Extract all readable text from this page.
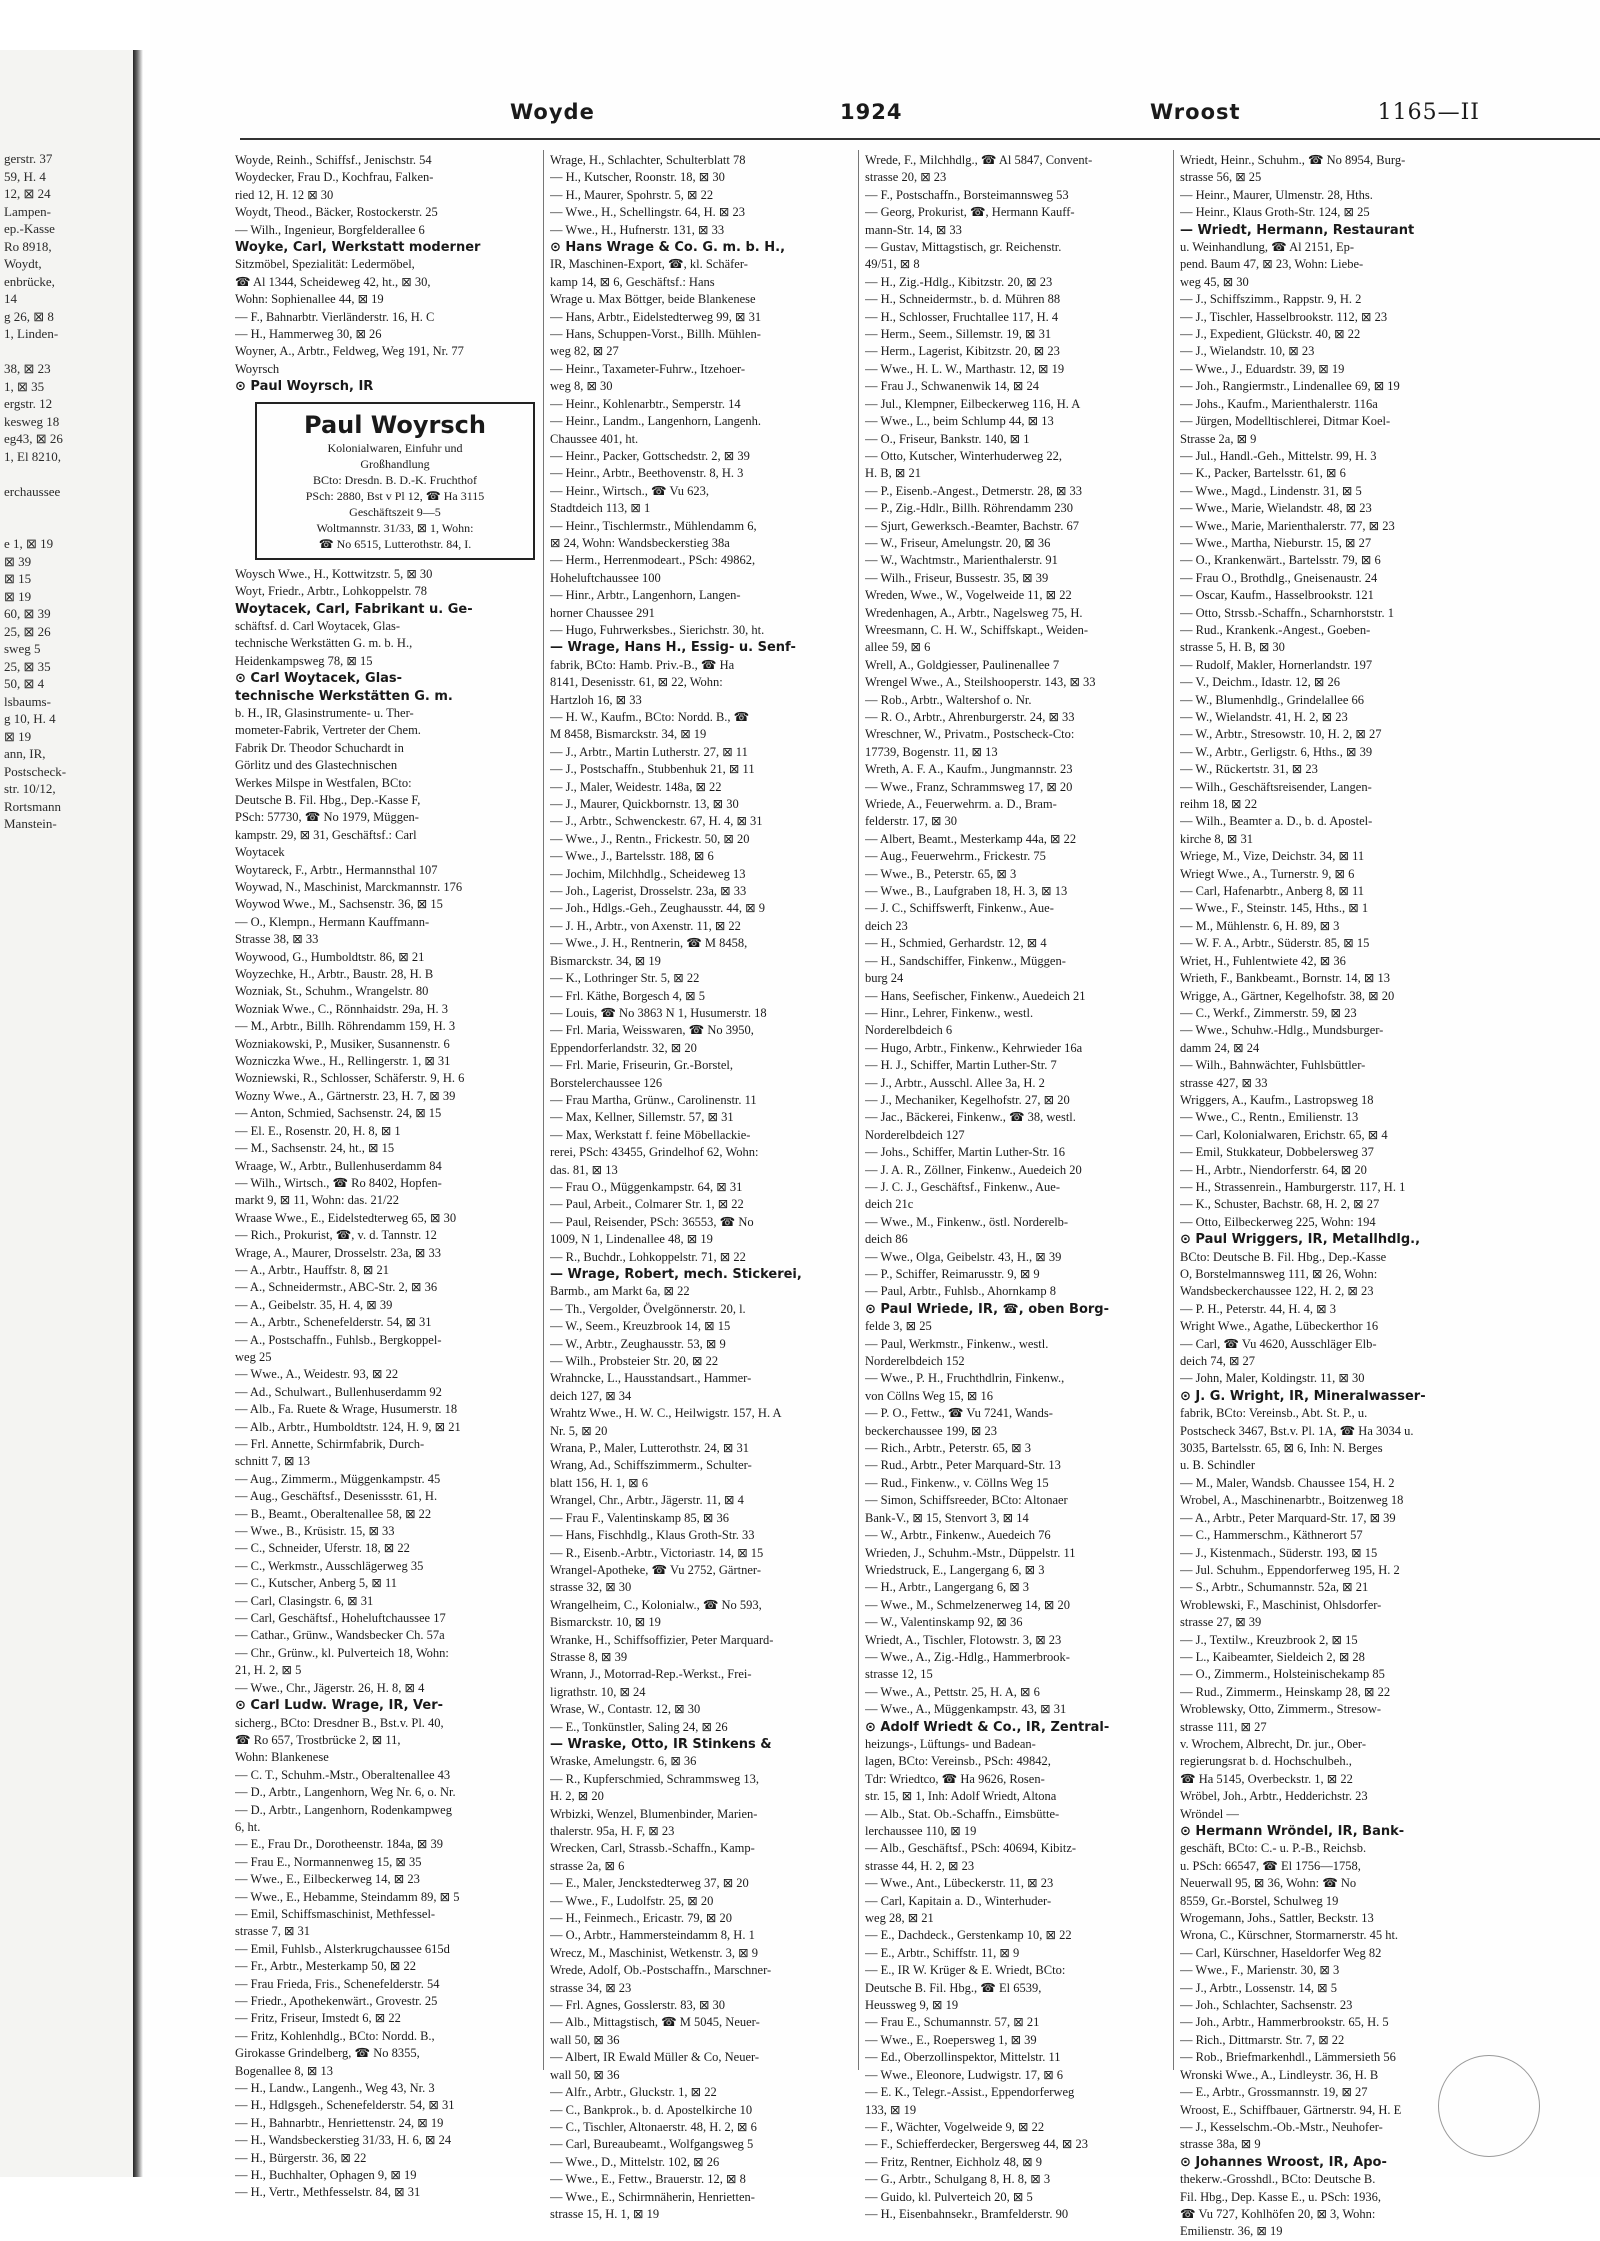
gerstr. 37
59, H. 4
12, ⊠ 24
Lampen-
ep.-Kasse
Ro 8918,
Woydt,
enbrücke,
14
g 26, ⊠ 8
1, Linden-
38, ⊠ 23
1, ⊠ 35
ergstr. 12
kesweg 18
eg43, ⊠ 26
1, El 8210,
erchaussee
e 1, ⊠ 19
⊠ 39
⊠ 15
⊠ 19
60, ⊠ 39
25, ⊠ 26
sweg 5
25, ⊠ 35
50, ⊠ 4
lsbaums-
g 10, H. 4
⊠ 19
ann, IR,
Postscheck-
str. 10/12,
Rortsmann
Manstein-
Woyde	1924	Wroost	1165—II
Woyde, Reinh., Schiffsf., Jenischstr. 54
Woydecker, Frau D., Kochfrau, Falken-
ried 12, H. 12 ⊠ 30
Woydt, Theod., Bäcker, Rostockerstr. 25
— Wilh., Ingenieur, Borgfelderallee 6
Woyke, Carl, Werkstatt moderner
Sitzmöbel, Spezialität: Ledermöbel,
☎ Al 1344, Scheideweg 42, ht., ⊠ 30,
Wohn: Sophienallee 44, ⊠ 19
— F., Bahnarbtr. Vierländerstr. 16, H. C
— H., Hammerweg 30, ⊠ 26
Woyner, A., Arbtr., Feldweg, Weg 191, Nr. 77
Woyrsch
⊙ Paul Woyrsch, IR
Paul Woyrsch
Kolonialwaren, Einfuhr und
Großhandlung
BCto: Dresdn. B. D.-K. Fruchthof
PSch: 2880, Bst v Pl 12, ☎ Ha 3115
Geschäftszeit 9—5
Woltmannstr. 31/33, ⊠ 1, Wohn:
☎ No 6515, Lutterothstr. 84, I.
Woysch Wwe., H., Kottwitzstr. 5, ⊠ 30
Woyt, Friedr., Arbtr., Lohkoppelstr. 78
Woytacek, Carl, Fabrikant u. Ge-
schäftsf. d. Carl Woytacek, Glas-
technische Werkstätten G. m. b. H.,
Heidenkampsweg 78, ⊠ 15
⊙ Carl Woytacek, Glas-
technische Werkstätten G. m.
b. H., IR, Glasinstrumente- u. Ther-
mometer-Fabrik, Vertreter der Chem.
Fabrik Dr. Theodor Schuchardt in
Görlitz und des Glastechnischen
Werkes Milspe in Westfalen, BCto:
Deutsche B. Fil. Hbg., Dep.-Kasse F,
PSch: 57730, ☎ No 1979, Müggen-
kampstr. 29, ⊠ 31, Geschäftsf.: Carl
Woytacek
Woytareck, F., Arbtr., Hermannsthal 107
Woywad, N., Maschinist, Marckmannstr. 176
Woywod Wwe., M., Sachsenstr. 36, ⊠ 15
— O., Klempn., Hermann Kauffmann-
Strasse 38, ⊠ 33
Woywood, G., Humboldtstr. 86, ⊠ 21
Woyzechke, H., Arbtr., Baustr. 28, H. B
Wozniak, St., Schuhm., Wrangelstr. 80
Wozniak Wwe., C., Rönnhaidstr. 29a, H. 3
— M., Arbtr., Billh. Röhrendamm 159, H. 3
Wozniakowski, P., Musiker, Susannenstr. 6
Wozniczka Wwe., H., Rellingerstr. 1, ⊠ 31
Wozniewski, R., Schlosser, Schäferstr. 9, H. 6
Wozny Wwe., A., Gärtnerstr. 23, H. 7, ⊠ 39
— Anton, Schmied, Sachsenstr. 24, ⊠ 15
— El. E., Rosenstr. 20, H. 8, ⊠ 1
— M., Sachsenstr. 24, ht., ⊠ 15
Wraage, W., Arbtr., Bullenhuserdamm 84
— Wilh., Wirtsch., ☎ Ro 8402, Hopfen-
markt 9, ⊠ 11, Wohn: das. 21/22
Wraase Wwe., E., Eidelstedterweg 65, ⊠ 30
— Rich., Prokurist, ☎, v. d. Tannstr. 12
Wrage, A., Maurer, Drosselstr. 23a, ⊠ 33
— A., Arbtr., Hauffstr. 8, ⊠ 21
— A., Schneidermstr., ABC-Str. 2, ⊠ 36
— A., Geibelstr. 35, H. 4, ⊠ 39
— A., Arbtr., Schenefelderstr. 54, ⊠ 31
— A., Postschaffn., Fuhlsb., Bergkoppel-
weg 25
— Wwe., A., Weidestr. 93, ⊠ 22
— Ad., Schulwart., Bullenhuserdamm 92
— Alb., Fa. Ruete & Wrage, Husumerstr. 18
— Alb., Arbtr., Humboldtstr. 124, H. 9, ⊠ 21
— Frl. Annette, Schirmfabrik, Durch-
schnitt 7, ⊠ 13
— Aug., Zimmerm., Müggenkampstr. 45
— Aug., Geschäftsf., Desenissstr. 61, H.
— B., Beamt., Oberaltenallee 58, ⊠ 22
— Wwe., B., Krüsistr. 15, ⊠ 33
— C., Schneider, Uferstr. 18, ⊠ 22
— C., Werkmstr., Ausschlägerweg 35
— C., Kutscher, Anberg 5, ⊠ 11
— Carl, Clasingstr. 6, ⊠ 31
— Carl, Geschäftsf., Hoheluftchaussee 17
— Cathar., Grünw., Wandsbecker Ch. 57a
— Chr., Grünw., kl. Pulverteich 18, Wohn:
21, H. 2, ⊠ 5
— Wwe., Chr., Jägerstr. 26, H. 8, ⊠ 4
⊙ Carl Ludw. Wrage, IR, Ver-
sicherg., BCto: Dresdner B., Bst.v. Pl. 40,
☎ Ro 657, Trostbrücke 2, ⊠ 11,
Wohn: Blankenese
— C. T., Schuhm.-Mstr., Oberaltenallee 43
— D., Arbtr., Langenhorn, Weg Nr. 6, o. Nr.
— D., Arbtr., Langenhorn, Rodenkampweg
6, ht.
— E., Frau Dr., Dorotheenstr. 184a, ⊠ 39
— Frau E., Normannenweg 15, ⊠ 35
— Wwe., E., Eilbeckerweg 14, ⊠ 23
— Wwe., E., Hebamme, Steindamm 89, ⊠ 5
— Emil, Schiffsmaschinist, Methfessel-
strasse 7, ⊠ 31
— Emil, Fuhlsb., Alsterkrugchaussee 615d
— Fr., Arbtr., Mesterkamp 50, ⊠ 22
— Frau Frieda, Fris., Schenefelderstr. 54
— Friedr., Apothekenwärt., Grovestr. 25
— Fritz, Friseur, Imstedt 6, ⊠ 22
— Fritz, Kohlenhdlg., BCto: Nordd. B.,
Girokasse Grindelberg, ☎ No 8355,
Bogenallee 8, ⊠ 13
— H., Landw., Langenh., Weg 43, Nr. 3
— H., Hdlgsgeh., Schenefelderstr. 54, ⊠ 31
— H., Bahnarbtr., Henriettenstr. 24, ⊠ 19
— H., Wandsbeckerstieg 31/33, H. 6, ⊠ 24
— H., Bürgerstr. 36, ⊠ 22
— H., Buchhalter, Ophagen 9, ⊠ 19
— H., Vertr., Methfesselstr. 84, ⊠ 31
Wrage, H., Schlachter, Schulterblatt 78
— H., Kutscher, Roonstr. 18, ⊠ 30
— H., Maurer, Spohrstr. 5, ⊠ 22
— Wwe., H., Schellingstr. 64, H. ⊠ 23
— Wwe., H., Hufnerstr. 131, ⊠ 33
⊙ Hans Wrage & Co. G. m. b. H.,
IR, Maschinen-Export, ☎, kl. Schäfer-
kamp 14, ⊠ 6, Geschäftsf.: Hans
Wrage u. Max Böttger, beide Blankenese
— Hans, Arbtr., Eidelstedterweg 99, ⊠ 31
— Hans, Schuppen-Vorst., Billh. Mühlen-
weg 82, ⊠ 27
— Heinr., Taxameter-Fuhrw., Itzehoer-
weg 8, ⊠ 30
— Heinr., Kohlenarbtr., Semperstr. 14
— Heinr., Landm., Langenhorn, Langenh.
Chaussee 401, ht.
— Heinr., Packer, Gottschedstr. 2, ⊠ 39
— Heinr., Arbtr., Beethovenstr. 8, H. 3
— Heinr., Wirtsch., ☎ Vu 623,
Stadtdeich 113, ⊠ 1
— Heinr., Tischlermstr., Mühlendamm 6,
⊠ 24, Wohn: Wandsbeckerstieg 38a
— Herm., Herrenmodeart., PSch: 49862,
Hoheluftchaussee 100
— Hinr., Arbtr., Langenhorn, Langen-
horner Chaussee 291
— Hugo, Fuhrwerksbes., Sierichstr. 30, ht.
— Wrage, Hans H., Essig- u. Senf-
fabrik, BCto: Hamb. Priv.-B., ☎ Ha
8141, Desenisstr. 61, ⊠ 22, Wohn:
Hartzloh 16, ⊠ 33
— H. W., Kaufm., BCto: Nordd. B., ☎
M 8458, Bismarckstr. 34, ⊠ 19
— J., Arbtr., Martin Lutherstr. 27, ⊠ 11
— J., Postschaffn., Stubbenhuk 21, ⊠ 11
— J., Maler, Weidestr. 148a, ⊠ 22
— J., Maurer, Quickbornstr. 13, ⊠ 30
— J., Arbtr., Schwenckestr. 67, H. 4, ⊠ 31
— Wwe., J., Rentn., Frickestr. 50, ⊠ 20
— Wwe., J., Bartelsstr. 188, ⊠ 6
— Jochim, Milchhdlg., Scheideweg 13
— Joh., Lagerist, Drosselstr. 23a, ⊠ 33
— Joh., Hdlgs.-Geh., Zeughausstr. 44, ⊠ 9
— J. H., Arbtr., von Axenstr. 11, ⊠ 22
— Wwe., J. H., Rentnerin, ☎ M 8458,
Bismarckstr. 34, ⊠ 19
— K., Lothringer Str. 5, ⊠ 22
— Frl. Käthe, Borgesch 4, ⊠ 5
— Louis, ☎ No 3863 N 1, Husumerstr. 18
— Frl. Maria, Weisswaren, ☎ No 3950,
Eppendorferlandstr. 32, ⊠ 20
— Frl. Marie, Friseurin, Gr.-Borstel,
Borstelerchaussee 126
— Frau Martha, Grünw., Carolinenstr. 11
— Max, Kellner, Sillemstr. 57, ⊠ 31
— Max, Werkstatt f. feine Möbellackie-
rerei, PSch: 43455, Grindelhof 62, Wohn:
das. 81, ⊠ 13
— Frau O., Müggenkampstr. 64, ⊠ 31
— Paul, Arbeit., Colmarer Str. 1, ⊠ 22
— Paul, Reisender, PSch: 36553, ☎ No
1009, N 1, Lindenallee 48, ⊠ 19
— R., Buchdr., Lohkoppelstr. 71, ⊠ 22
— Wrage, Robert, mech. Stickerei,
Barmb., am Markt 6a, ⊠ 22
— Th., Vergolder, Övelgönnerstr. 20, l.
— W., Seem., Kreuzbrook 14, ⊠ 15
— W., Arbtr., Zeughausstr. 53, ⊠ 9
— Wilh., Probsteier Str. 20, ⊠ 22
Wrahncke, L., Hausstandsart., Hammer-
deich 127, ⊠ 34
Wrahtz Wwe., H. W. C., Heilwigstr. 157, H. A
Nr. 5, ⊠ 20
Wrana, P., Maler, Lutterothstr. 24, ⊠ 31
Wrang, Ad., Schiffszimmerm., Schulter-
blatt 156, H. 1, ⊠ 6
Wrangel, Chr., Arbtr., Jägerstr. 11, ⊠ 4
— Frau F., Valentinskamp 85, ⊠ 36
— Hans, Fischhdlg., Klaus Groth-Str. 33
— R., Eisenb.-Arbtr., Victoriastr. 14, ⊠ 15
Wrangel-Apotheke, ☎ Vu 2752, Gärtner-
strasse 32, ⊠ 30
Wrangelheim, C., Kolonialw., ☎ No 593,
Bismarckstr. 10, ⊠ 19
Wranke, H., Schiffsoffizier, Peter Marquard-
Strasse 8, ⊠ 39
Wrann, J., Motorrad-Rep.-Werkst., Frei-
ligrathstr. 10, ⊠ 24
Wrase, W., Contastr. 12, ⊠ 30
— E., Tonkünstler, Saling 24, ⊠ 26
— Wraske, Otto, IR Stinkens &
Wraske, Amelungstr. 6, ⊠ 36
— R., Kupferschmied, Schrammsweg 13,
H. 2, ⊠ 20
Wrbizki, Wenzel, Blumenbinder, Marien-
thalerstr. 95a, H. F, ⊠ 23
Wrecken, Carl, Strassb.-Schaffn., Kamp-
strasse 2a, ⊠ 6
— E., Maler, Jenckstedterweg 37, ⊠ 20
— Wwe., F., Ludolfstr. 25, ⊠ 20
— H., Feinmech., Ericastr. 79, ⊠ 20
— O., Arbtr., Hammersteindamm 8, H. 1
Wrecz, M., Maschinist, Wetkenstr. 3, ⊠ 9
Wrede, Adolf, Ob.-Postschaffn., Marschner-
strasse 34, ⊠ 23
— Frl. Agnes, Gosslerstr. 83, ⊠ 30
— Alb., Mittagstisch, ☎ M 5045, Neuer-
wall 50, ⊠ 36
— Albert, IR Ewald Müller & Co, Neuer-
wall 50, ⊠ 36
— Alfr., Arbtr., Gluckstr. 1, ⊠ 22
— C., Bankprok., b. d. Apostelkirche 10
— C., Tischler, Altonaerstr. 48, H. 2, ⊠ 6
— Carl, Bureaubeamt., Wolfgangsweg 5
— Wwe., D., Mittelstr. 102, ⊠ 26
— Wwe., E., Fettw., Brauerstr. 12, ⊠ 8
— Wwe., E., Schirmnäherin, Henrietten-
strasse 15, H. 1, ⊠ 19
Wrede, F., Milchhdlg., ☎ Al 5847, Convent-
strasse 20, ⊠ 23
— F., Postschaffn., Borsteimannsweg 53
— Georg, Prokurist, ☎, Hermann Kauff-
mann-Str. 14, ⊠ 33
— Gustav, Mittagstisch, gr. Reichenstr.
49/51, ⊠ 8
— H., Zig.-Hdlg., Kibitzstr. 20, ⊠ 23
— H., Schneidermstr., b. d. Mühren 88
— H., Schlosser, Fruchtallee 117, H. 4
— Herm., Seem., Sillemstr. 19, ⊠ 31
— Herm., Lagerist, Kibitzstr. 20, ⊠ 23
— Wwe., H. L. W., Marthastr. 12, ⊠ 19
— Frau J., Schwanenwik 14, ⊠ 24
— Jul., Klempner, Eilbeckerweg 116, H. A
— Wwe., L., beim Schlump 44, ⊠ 13
— O., Friseur, Bankstr. 140, ⊠ 1
— Otto, Kutscher, Winterhuderweg 22,
H. B, ⊠ 21
— P., Eisenb.-Angest., Detmerstr. 28, ⊠ 33
— P., Zig.-Hdlr., Billh. Röhrendamm 230
— Sjurt, Gewerksch.-Beamter, Bachstr. 67
— W., Friseur, Amelungstr. 20, ⊠ 36
— W., Wachtmstr., Marienthalerstr. 91
— Wilh., Friseur, Bussestr. 35, ⊠ 39
Wreden, Wwe., W., Vogelweide 11, ⊠ 22
Wredenhagen, A., Arbtr., Nagelsweg 75, H.
Wreesmann, C. H. W., Schiffskapt., Weiden-
allee 59, ⊠ 6
Wrell, A., Goldgiesser, Paulinenallee 7
Wrengel Wwe., A., Steilshooperstr. 143, ⊠ 33
— Rob., Arbtr., Waltershof o. Nr.
— R. O., Arbtr., Ahrenburgerstr. 24, ⊠ 33
Wreschner, W., Privatm., Postscheck-Cto:
17739, Bogenstr. 11, ⊠ 13
Wreth, A. F. A., Kaufm., Jungmannstr. 23
— Wwe., Franz, Schrammsweg 17, ⊠ 20
Wriede, A., Feuerwehrm. a. D., Bram-
felderstr. 17, ⊠ 30
— Albert, Beamt., Mesterkamp 44a, ⊠ 22
— Aug., Feuerwehrm., Frickestr. 75
— Wwe., B., Peterstr. 65, ⊠ 3
— Wwe., B., Laufgraben 18, H. 3, ⊠ 13
— J. C., Schiffswerft, Finkenw., Aue-
deich 23
— H., Schmied, Gerhardstr. 12, ⊠ 4
— H., Sandschiffer, Finkenw., Müggen-
burg 24
— Hans, Seefischer, Finkenw., Auedeich 21
— Hinr., Lehrer, Finkenw., westl.
Norderelbdeich 6
— Hugo, Arbtr., Finkenw., Kehrwieder 16a
— H. J., Schiffer, Martin Luther-Str. 7
— J., Arbtr., Ausschl. Allee 3a, H. 2
— J., Mechaniker, Kegelhofstr. 27, ⊠ 20
— Jac., Bäckerei, Finkenw., ☎ 38, westl.
Norderelbdeich 127
— Johs., Schiffer, Martin Luther-Str. 16
— J. A. R., Zöllner, Finkenw., Auedeich 20
— J. C. J., Geschäftsf., Finkenw., Aue-
deich 21c
— Wwe., M., Finkenw., östl. Norderelb-
deich 86
— Wwe., Olga, Geibelstr. 43, H., ⊠ 39
— P., Schiffer, Reimarusstr. 9, ⊠ 9
— Paul, Arbtr., Fuhlsb., Ahornkamp 8
⊙ Paul Wriede, IR, ☎, oben Borg-
felde 3, ⊠ 25
— Paul, Werkmstr., Finkenw., westl.
Norderelbdeich 152
— Wwe., P. H., Fruchthdlrin, Finkenw.,
von Cöllns Weg 15, ⊠ 16
— P. O., Fettw., ☎ Vu 7241, Wands-
beckerchaussee 199, ⊠ 23
— Rich., Arbtr., Peterstr. 65, ⊠ 3
— Rud., Arbtr., Peter Marquard-Str. 13
— Rud., Finkenw., v. Cöllns Weg 15
— Simon, Schiffsreeder, BCto: Altonaer
Bank-V., ⊠ 15, Stenvort 3, ⊠ 14
— W., Arbtr., Finkenw., Auedeich 76
Wrieden, J., Schuhm.-Mstr., Düppelstr. 11
Wriedstruck, E., Langergang 6, ⊠ 3
— H., Arbtr., Langergang 6, ⊠ 3
— Wwe., M., Schmelzenerweg 14, ⊠ 20
— W., Valentinskamp 92, ⊠ 36
Wriedt, A., Tischler, Flotowstr. 3, ⊠ 23
— Wwe., A., Zig.-Hdlg., Hammerbrook-
strasse 12, 15
— Wwe., A., Pettstr. 25, H. A, ⊠ 6
— Wwe., A., Müggenkampstr. 43, ⊠ 31
⊙ Adolf Wriedt & Co., IR, Zentral-
heizungs-, Lüftungs- und Badean-
lagen, BCto: Vereinsb., PSch: 49842,
Tdr: Wriedtco, ☎ Ha 9626, Rosen-
str. 15, ⊠ 1, Inh: Adolf Wriedt, Altona
— Alb., Stat. Ob.-Schaffn., Eimsbütte-
lerchaussee 110, ⊠ 19
— Alb., Geschäftsf., PSch: 40694, Kibitz-
strasse 44, H. 2, ⊠ 23
— Wwe., Ant., Lübeckerstr. 11, ⊠ 23
— Carl, Kapitain a. D., Winterhuder-
weg 28, ⊠ 21
— E., Dachdeck., Gerstenkamp 10, ⊠ 22
— E., Arbtr., Schiffstr. 11, ⊠ 9
— E., IR W. Krüger & E. Wriedt, BCto:
Deutsche B. Fil. Hbg., ☎ El 6539,
Heussweg 9, ⊠ 19
— Frau E., Schumannstr. 57, ⊠ 21
— Wwe., E., Roepersweg 1, ⊠ 39
— Ed., Oberzollinspektor, Mittelstr. 11
— Wwe., Eleonore, Ludwigstr. 17, ⊠ 6
— E. K., Telegr.-Assist., Eppendorferweg
133, ⊠ 19
— F., Wächter, Vogelweide 9, ⊠ 22
— F., Schiefferdecker, Bergersweg 44, ⊠ 23
— Fritz, Rentner, Eichholz 48, ⊠ 9
— G., Arbtr., Schulgang 8, H. 8, ⊠ 3
— Guido, kl. Pulverteich 20, ⊠ 5
— H., Eisenbahnsekr., Bramfelderstr. 90
Wriedt, Heinr., Schuhm., ☎ No 8954, Burg-
strasse 56, ⊠ 25
— Heinr., Maurer, Ulmenstr. 28, Hths.
— Heinr., Klaus Groth-Str. 124, ⊠ 25
— Wriedt, Hermann, Restaurant
u. Weinhandlung, ☎ Al 2151, Ep-
pend. Baum 47, ⊠ 23, Wohn: Liebe-
weg 45, ⊠ 30
— J., Schiffszimm., Rappstr. 9, H. 2
— J., Tischler, Hasselbrookstr. 112, ⊠ 23
— J., Expedient, Glückstr. 40, ⊠ 22
— J., Wielandstr. 10, ⊠ 23
— Wwe., J., Eduardstr. 39, ⊠ 19
— Joh., Rangiermstr., Lindenallee 69, ⊠ 19
— Johs., Kaufm., Marienthalerstr. 116a
— Jürgen, Modelltischlerei, Ditmar Koel-
Strasse 2a, ⊠ 9
— Jul., Handl.-Geh., Mittelstr. 99, H. 3
— K., Packer, Bartelsstr. 61, ⊠ 6
— Wwe., Magd., Lindenstr. 31, ⊠ 5
— Wwe., Marie, Wielandstr. 48, ⊠ 23
— Wwe., Marie, Marienthalerstr. 77, ⊠ 23
— Wwe., Martha, Nieburstr. 15, ⊠ 27
— O., Krankenwärt., Bartelsstr. 79, ⊠ 6
— Frau O., Brothdlg., Gneisenaustr. 24
— Oscar, Kaufm., Hasselbrookstr. 121
— Otto, Strssb.-Schaffn., Scharnhorststr. 1
— Rud., Krankenk.-Angest., Goeben-
strasse 5, H. B, ⊠ 30
— Rudolf, Makler, Hornerlandstr. 197
— V., Deichm., Idastr. 12, ⊠ 26
— W., Blumenhdlg., Grindelallee 66
— W., Wielandstr. 41, H. 2, ⊠ 23
— W., Arbtr., Stresowstr. 10, H. 2, ⊠ 27
— W., Arbtr., Gerligstr. 6, Hths., ⊠ 39
— W., Rückertstr. 31, ⊠ 23
— Wilh., Geschäftsreisender, Langen-
reihm 18, ⊠ 22
— Wilh., Beamter a. D., b. d. Apostel-
kirche 8, ⊠ 31
Wriege, M., Vize, Deichstr. 34, ⊠ 11
Wriegt Wwe., A., Turnerstr. 9, ⊠ 6
— Carl, Hafenarbtr., Anberg 8, ⊠ 11
— Wwe., F., Steinstr. 145, Hths., ⊠ 1
— M., Mühlenstr. 6, H. 89, ⊠ 3
— W. F. A., Arbtr., Süderstr. 85, ⊠ 15
Wriet, H., Fuhlentwiete 42, ⊠ 36
Wrieth, F., Bankbeamt., Bornstr. 14, ⊠ 13
Wrigge, A., Gärtner, Kegelhofstr. 38, ⊠ 20
— C., Werkf., Zimmerstr. 59, ⊠ 23
— Wwe., Schuhw.-Hdlg., Mundsburger-
damm 24, ⊠ 24
— Wilh., Bahnwächter, Fuhlsbüttler-
strasse 427, ⊠ 33
Wriggers, A., Kaufm., Lastropsweg 18
— Wwe., C., Rentn., Emilienstr. 13
— Carl, Kolonialwaren, Erichstr. 65, ⊠ 4
— Emil, Stukkateur, Dobbelersweg 37
— H., Arbtr., Niendorferstr. 64, ⊠ 20
— H., Strassenrein., Hamburgerstr. 117, H. 1
— K., Schuster, Bachstr. 68, H. 2, ⊠ 27
— Otto, Eilbeckerweg 225, Wohn: 194
⊙ Paul Wriggers, IR, Metallhdlg.,
BCto: Deutsche B. Fil. Hbg., Dep.-Kasse
O, Borstelmannsweg 111, ⊠ 26, Wohn:
Wandsbeckerchaussee 122, H. 2, ⊠ 23
— P. H., Peterstr. 44, H. 4, ⊠ 3
Wright Wwe., Agathe, Lübeckerthor 16
— Carl, ☎ Vu 4620, Ausschläger Elb-
deich 74, ⊠ 27
— John, Maler, Koldingstr. 11, ⊠ 30
⊙ J. G. Wright, IR, Mineralwasser-
fabrik, BCto: Vereinsb., Abt. St. P., u.
Postscheck 3467, Bst.v. Pl. 1A, ☎ Ha 3034 u.
3035, Bartelsstr. 65, ⊠ 6, Inh: N. Berges
u. B. Schindler
— M., Maler, Wandsb. Chaussee 154, H. 2
Wrobel, A., Maschinenarbtr., Boitzenweg 18
— A., Arbtr., Peter Marquard-Str. 17, ⊠ 39
— C., Hammerschm., Käthnerort 57
— J., Kistenmach., Süderstr. 193, ⊠ 15
— Jul. Schuhm., Eppendorferweg 195, H. 2
— S., Arbtr., Schumannstr. 52a, ⊠ 21
Wroblewski, F., Maschinist, Ohlsdorfer-
strasse 27, ⊠ 39
— J., Textilw., Kreuzbrook 2, ⊠ 15
— L., Kaibeamter, Sieldeich 2, ⊠ 28
— O., Zimmerm., Holsteinischekamp 85
— Rud., Zimmerm., Heinskamp 28, ⊠ 22
Wroblewsky, Otto, Zimmerm., Stresow-
strasse 111, ⊠ 27
v. Wrochem, Albrecht, Dr. jur., Ober-
regierungsrat b. d. Hochschulbeh.,
☎ Ha 5145, Overbeckstr. 1, ⊠ 22
Wröbel, Joh., Arbtr., Hedderichstr. 23
Wröndel —
⊙ Hermann Wröndel, IR, Bank-
geschäft, BCto: C.- u. P.-B., Reichsb.
u. PSch: 66547, ☎ El 1756—1758,
Neuerwall 95, ⊠ 36, Wohn: ☎ No
8559, Gr.-Borstel, Schulweg 19
Wrogemann, Johs., Sattler, Beckstr. 13
Wrona, C., Kürschner, Stormarnerstr. 45 ht.
— Carl, Kürschner, Haseldorfer Weg 82
— Wwe., F., Marienstr. 30, ⊠ 3
— J., Arbtr., Lossenstr. 14, ⊠ 5
— Joh., Schlachter, Sachsenstr. 23
— Joh., Arbtr., Hammerbrookstr. 65, H. 5
— Rich., Dittmarstr. Str. 7, ⊠ 22
— Rob., Briefmarkenhdl., Lämmersieth 56
Wronski Wwe., A., Lindleystr. 36, H. B
— E., Arbtr., Grossmannstr. 19, ⊠ 27
Wroost, E., Schiffbauer, Gärtnerstr. 94, H. E
— J., Kesselschm.-Ob.-Mstr., Neuhofer-
strasse 38a, ⊠ 9
⊙ Johannes Wroost, IR, Apo-
thekerw.-Grosshdl., BCto: Deutsche B.
Fil. Hbg., Dep. Kasse E., u. PSch: 1936,
☎ Vu 727, Kohlhöfen 20, ⊠ 3, Wohn:
Emilienstr. 36, ⊠ 19
